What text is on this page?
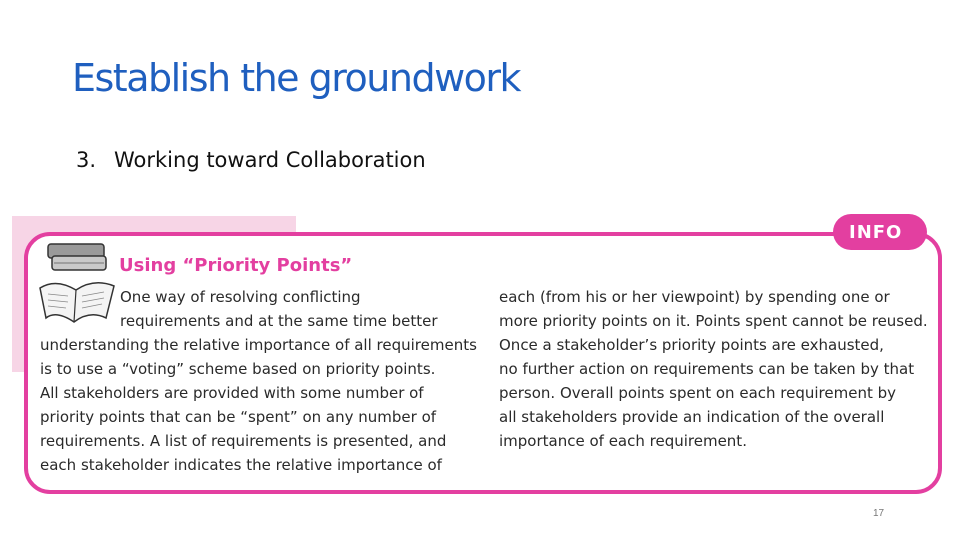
Establish the groundwork
3. Working toward Collaboration
INFO
Using “Priority Points”
One way of resolving conflicting
requirements and at the same time better
understanding the relative importance of all requirements
is to use a “voting” scheme based on priority points.
All stakeholders are provided with some number of
priority points that can be “spent” on any number of
requirements. A list of requirements is presented, and
each stakeholder indicates the relative importance of
each (from his or her viewpoint) by spending one or
more priority points on it. Points spent cannot be reused.
Once a stakeholder’s priority points are exhausted,
no further action on requirements can be taken by that
person. Overall points spent on each requirement by
all stakeholders provide an indication of the overall
importance of each requirement.
17
